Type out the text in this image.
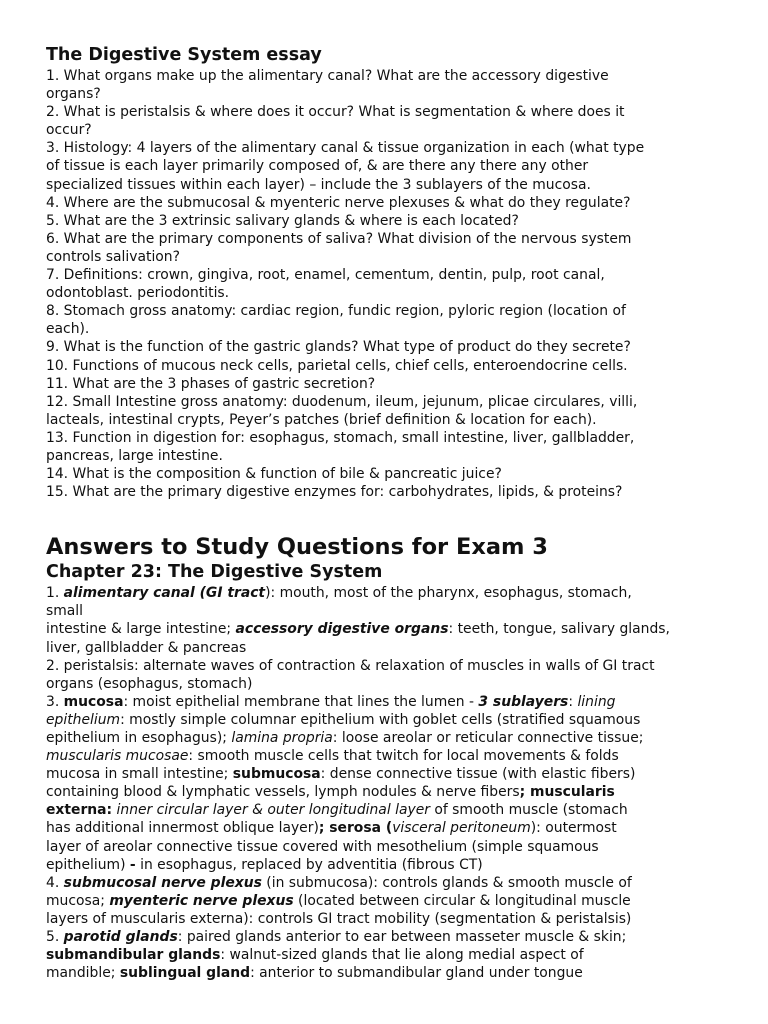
The Digestive System essay
1. What organs make up the alimentary canal? What are the accessory digestive
organs?
2. What is peristalsis & where does it occur? What is segmentation & where does it
occur?
3. Histology: 4 layers of the alimentary canal & tissue organization in each (what type
of tissue is each layer primarily composed of, & are there any there any other
specialized tissues within each layer) – include the 3 sublayers of the mucosa.
4. Where are the submucosal & myenteric nerve plexuses & what do they regulate?
5. What are the 3 extrinsic salivary glands & where is each located?
6. What are the primary components of saliva? What division of the nervous system
controls salivation?
7. Definitions: crown, gingiva, root, enamel, cementum, dentin, pulp, root canal,
odontoblast. periodontitis.
8. Stomach gross anatomy: cardiac region, fundic region, pyloric region (location of
each).
9. What is the function of the gastric glands? What type of product do they secrete?
10. Functions of mucous neck cells, parietal cells, chief cells, enteroendocrine cells.
11. What are the 3 phases of gastric secretion?
12. Small Intestine gross anatomy: duodenum, ileum, jejunum, plicae circulares, villi,
lacteals, intestinal crypts, Peyer’s patches (brief definition & location for each).
13. Function in digestion for: esophagus, stomach, small intestine, liver, gallbladder,
pancreas, large intestine.
14. What is the composition & function of bile & pancreatic juice?
15. What are the primary digestive enzymes for: carbohydrates, lipids, & proteins?
Answers to Study Questions for Exam 3
Chapter 23: The Digestive System
1. alimentary canal (GI tract): mouth, most of the pharynx, esophagus, stomach,
small
intestine & large intestine; accessory digestive organs: teeth, tongue, salivary glands,
liver, gallbladder & pancreas
2. peristalsis: alternate waves of contraction & relaxation of muscles in walls of GI tract
organs (esophagus, stomach)
3. mucosa: moist epithelial membrane that lines the lumen - 3 sublayers: lining
epithelium: mostly simple columnar epithelium with goblet cells (stratified squamous
epithelium in esophagus); lamina propria: loose areolar or reticular connective tissue;
muscularis mucosae: smooth muscle cells that twitch for local movements & folds
mucosa in small intestine; submucosa: dense connective tissue (with elastic fibers)
containing blood & lymphatic vessels, lymph nodules & nerve fibers; muscularis
externa: inner circular layer & outer longitudinal layer of smooth muscle (stomach
has additional innermost oblique layer); serosa (visceral peritoneum): outermost
layer of areolar connective tissue covered with mesothelium (simple squamous
epithelium) - in esophagus, replaced by adventitia (fibrous CT)
4. submucosal nerve plexus (in submucosa): controls glands & smooth muscle of
mucosa; myenteric nerve plexus (located between circular & longitudinal muscle
layers of muscularis externa): controls GI tract mobility (segmentation & peristalsis)
5. parotid glands: paired glands anterior to ear between masseter muscle & skin;
submandibular glands: walnut-sized glands that lie along medial aspect of
mandible; sublingual gland: anterior to submandibular gland under tongue
